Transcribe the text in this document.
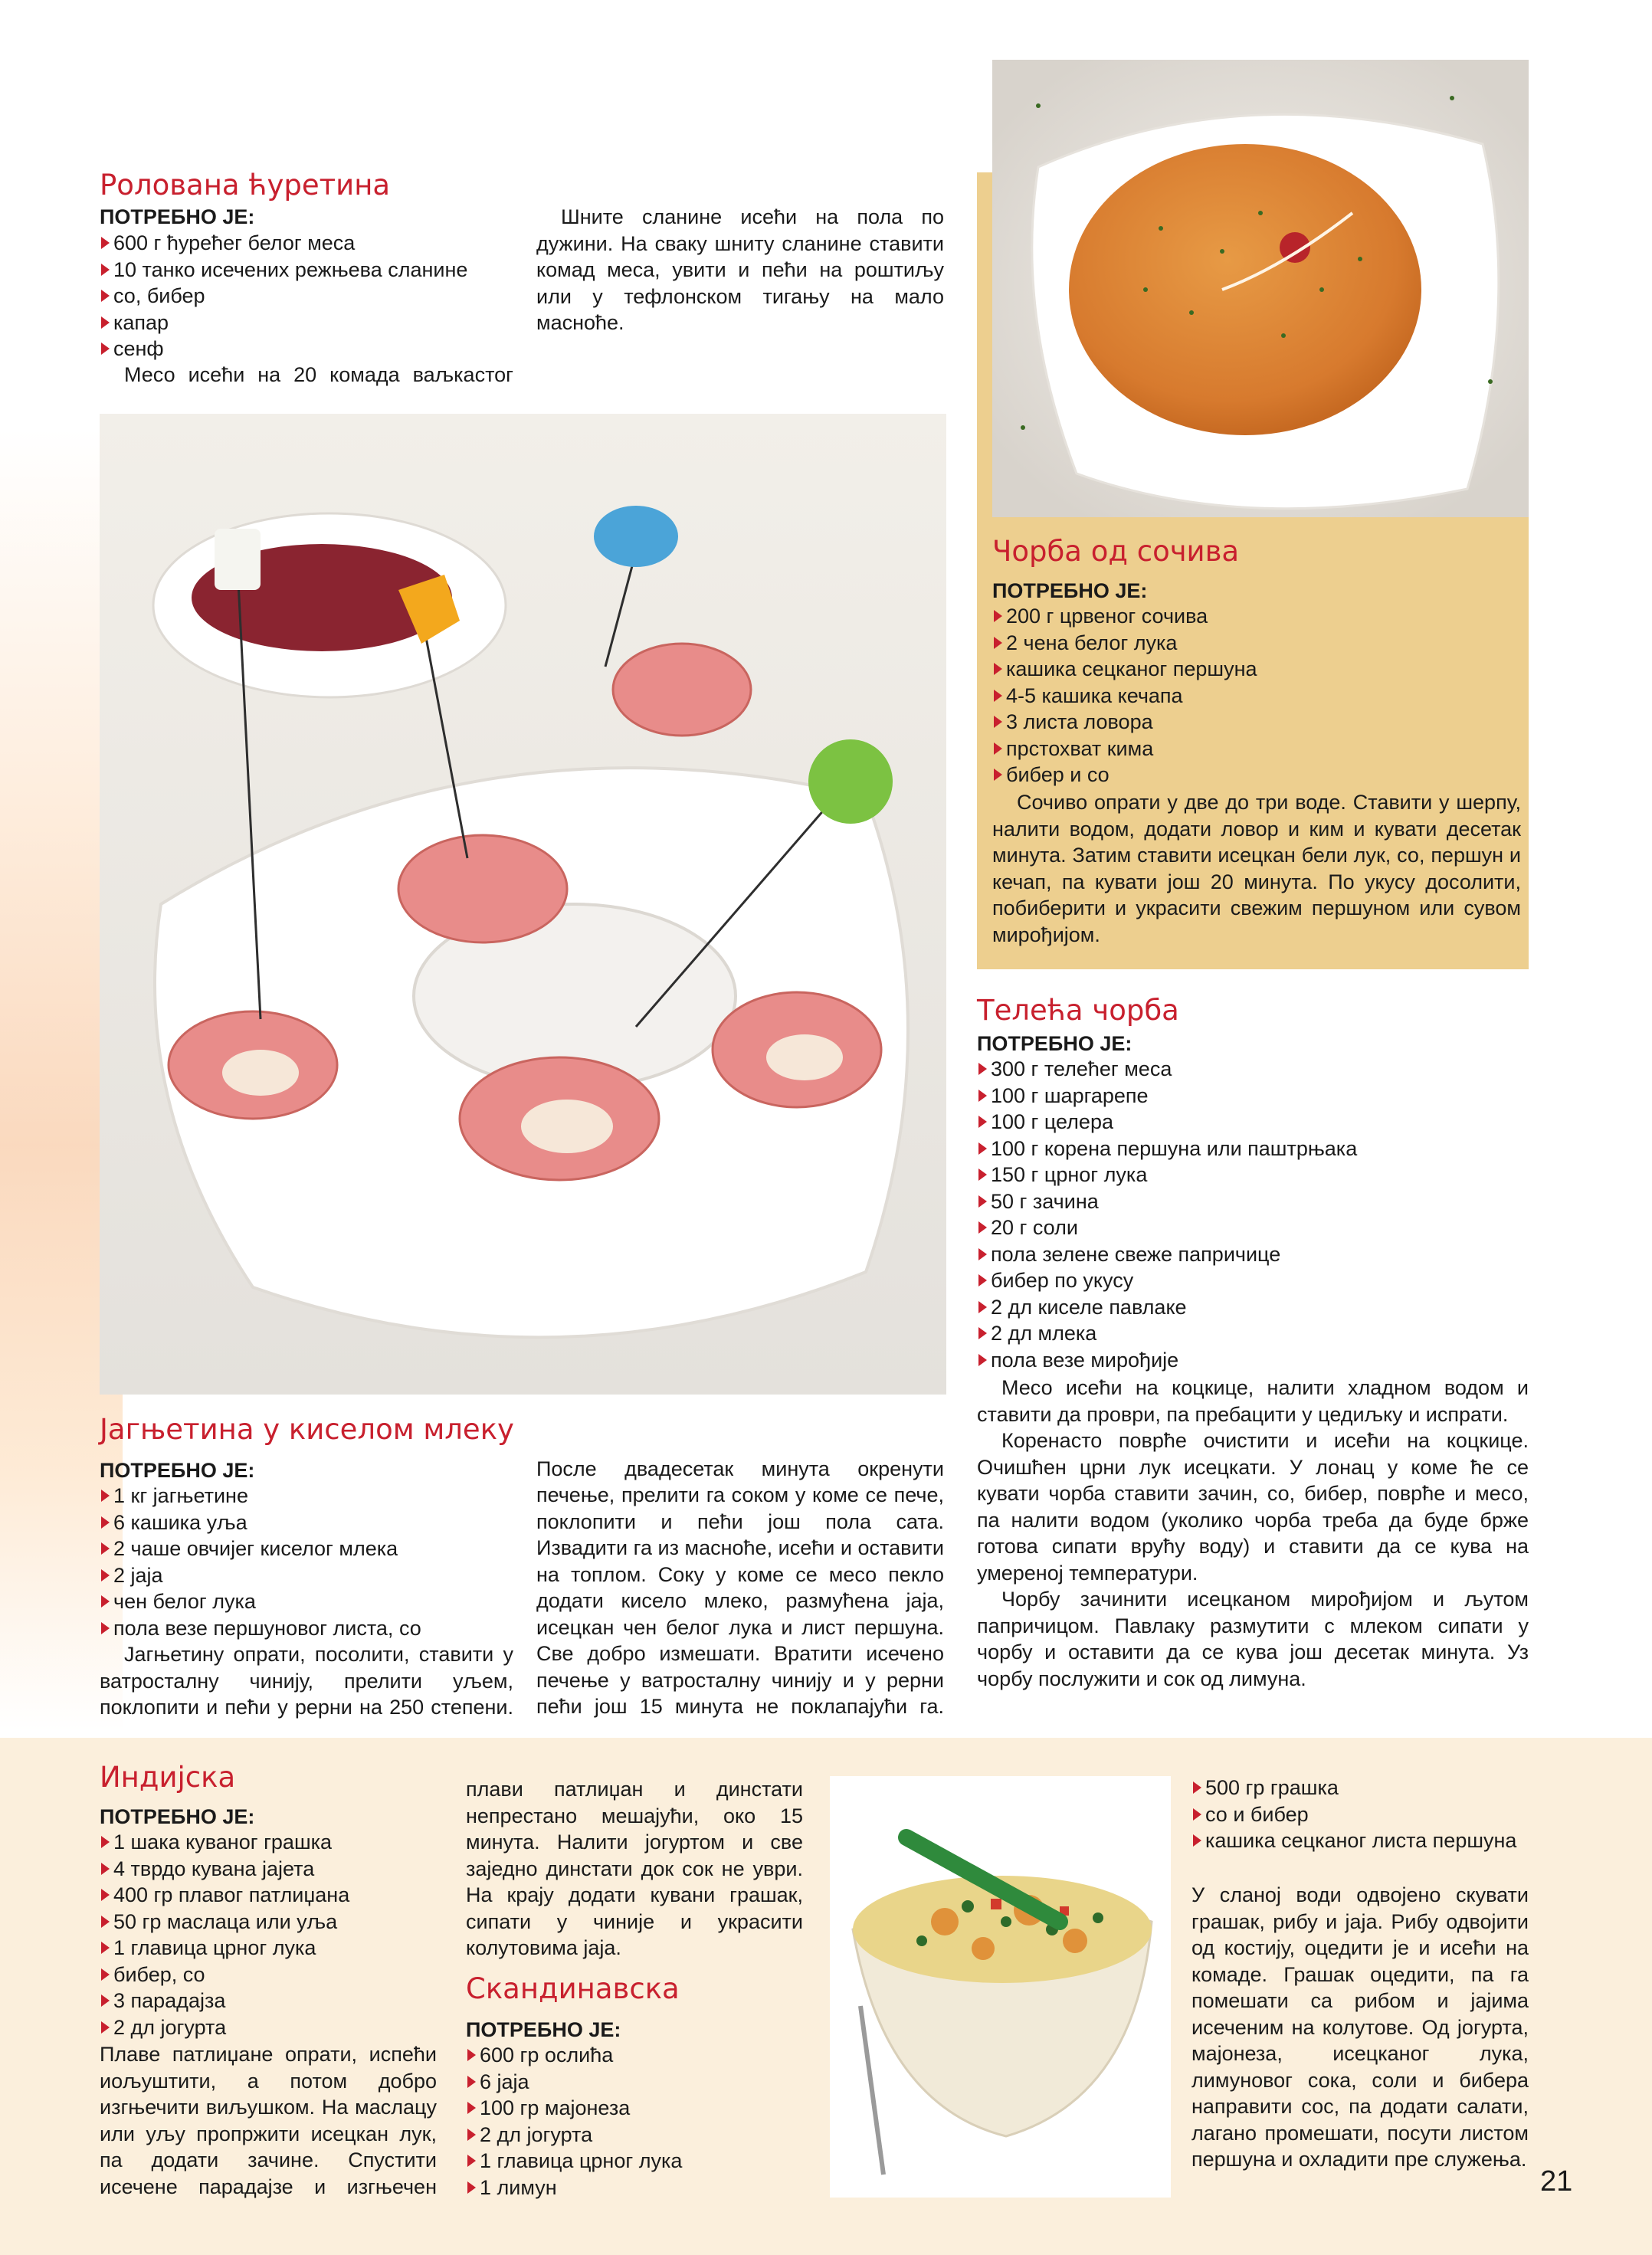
Ролована ћуретина
ПОТРЕБНО ЈЕ:
600 г ћурећег белог меса
10 танко исечених режњева сланине
со, бибер
капар
сенф

Месо исећи на 20 комада ваљкастог

Шните сланине исећи на пола по дужини. На сваку шниту сланине ставити комад меса, увити и пећи на роштиљу или у тефлонском тигању на мало масноће.

Чорба од сочива
ПОТРЕБНО ЈЕ:
200 г црвеног сочива
2 чена белог лука
кашика сецканог першуна
4-5 кашика кечапа
3 листа ловора
прстохват кима
бибер и со

Сочиво опрати у две до три воде. Ставити у шерпу, налити водом, додати ловор и ким и кувати десетак минута. Затим ставити исецкан бели лук, со, першун и кечап, па кувати још 20 минута. По укусу досолити, побиберити и украсити свежим першуном или сувом мирођијом.

Телећа чорба
ПОТРЕБНО ЈЕ:
300 г телећег меса
100 г шаргарепе
100 г целера
100 г корена першуна или паштрњака
150 г црног лука
50 г зачина
20 г соли
пола зелене свеже папричице
бибер по укусу
2 дл киселе павлаке
2 дл млека
пола везе мирођије

Месо исећи на коцкице, налити хладном водом и ставити да проври, па пребацити у цедиљку и испрати.

Коренасто поврће очистити и исећи на коцкице. Очишћен црни лук исецкати. У лонац у коме ће се кувати чорба ставити зачин, со, бибер, поврће и месо, па налити водом (уколико чорба треба да буде брже готова сипати врућу воду) и ставити да се кува на умереној температури.

Чорбу зачинити исецканом мирођијом и љутом папричицом. Павлаку размутити с млеком сипати у чорбу и оставити да се кува још десетак минута. Уз чорбу послужити и сок од лимуна.

Јагњетина у киселом млеку
ПОТРЕБНО ЈЕ:
1 кг јагњетине
6 кашика уља
2 чаше овчијег киселог млека
2 јаја
чен белог лука
пола везе першуновог листа, со

Јагњетину опрати, посолити, ставити у ватросталну чинију, прелити уљем, поклопити и пећи у рерни на 250 степени.

После двадесетак минута окренути печење, прелити га соком у коме се пече, поклопити и пећи још пола сата. Извадити га из масноће, исећи и оставити на топлом. Соку у коме се месо пекло додати кисело млеко, размућена јаја, исецкан чен белог лука и лист першуна. Све добро измешати. Вратити исечено печење у ватросталну чинију и у рерни пећи још 15 минута не поклапајући га.

Индијска
ПОТРЕБНО ЈЕ:
1 шака куваног грашка
4 тврдо кувана јајета
400 гр плавог патлиџана
50 гр маслаца или уља
1 главица црног лука
бибер, со
3 парадајза
2 дл јогурта

Плаве патлиџане опрати, испећи иољуштити, а потом добро изгњечити виљушком. На маслацу или уљу пропржити исецкан лук, па додати зачине. Спустити исечене парадајзе и изгњечен

плави патлиџан и динстати непрестано мешајући, око 15 минута. Налити јогуртом и све заједно динстати док сок не уври. На крају додати кувани грашак, сипати у чиније и украсити колутовима јаја.

Скандинавска
ПОТРЕБНО ЈЕ:
600 гр ослића
6 јаја
100 гр мајонеза
2 дл јогурта
1 главица црног лука
1 лимун
500 гр грашка
со и бибер
кашика сецканог листа першуна

У сланој води одвојено скувати грашак, рибу и јаја. Рибу одвојити од костију, оцедити је и исећи на комаде. Грашак оцедити, па га помешати са рибом и јајима исеченим на колутове. Од јогурта, мајонеза, исецканог лука, лимуновог сока, соли и бибера направити сос, па додати салати, лагано промешати, посути листом першуна и охладити пре служења.

21
